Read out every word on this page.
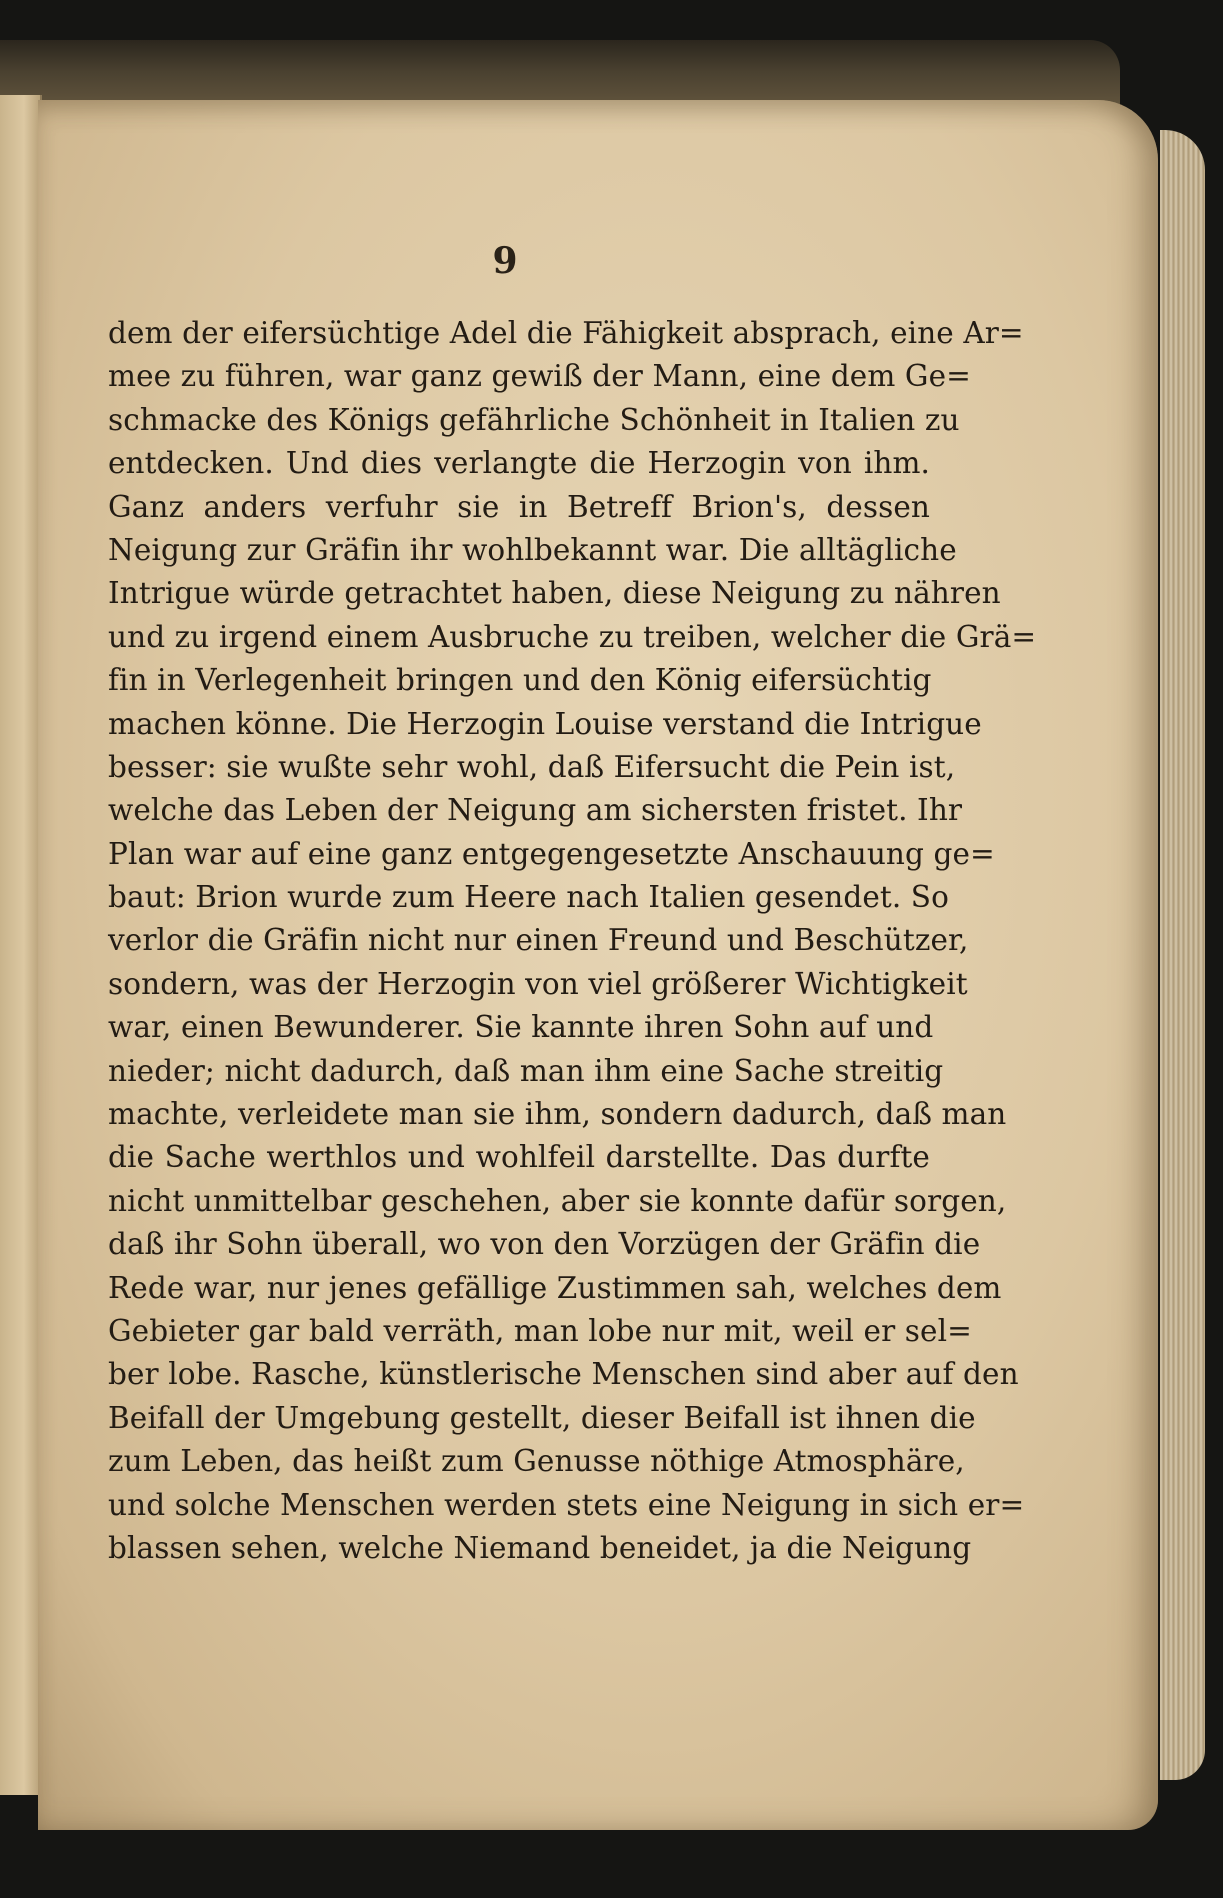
9
dem der eifersüchtige Adel die Fähigkeit absprach, eine Ar=
mee zu führen, war ganz gewiß der Mann, eine dem Ge=
schmacke des Königs gefährliche Schönheit in Italien zu
entdecken. Und dies verlangte die Herzogin von ihm.
Ganz anders verfuhr sie in Betreff Brion's, dessen
Neigung zur Gräfin ihr wohlbekannt war. Die alltägliche
Intrigue würde getrachtet haben, diese Neigung zu nähren
und zu irgend einem Ausbruche zu treiben, welcher die Grä=
fin in Verlegenheit bringen und den König eifersüchtig
machen könne. Die Herzogin Louise verstand die Intrigue
besser: sie wußte sehr wohl, daß Eifersucht die Pein ist,
welche das Leben der Neigung am sichersten fristet. Ihr
Plan war auf eine ganz entgegengesetzte Anschauung ge=
baut: Brion wurde zum Heere nach Italien gesendet. So
verlor die Gräfin nicht nur einen Freund und Beschützer,
sondern, was der Herzogin von viel größerer Wichtigkeit
war, einen Bewunderer. Sie kannte ihren Sohn auf und
nieder; nicht dadurch, daß man ihm eine Sache streitig
machte, verleidete man sie ihm, sondern dadurch, daß man
die Sache werthlos und wohlfeil darstellte. Das durfte
nicht unmittelbar geschehen, aber sie konnte dafür sorgen,
daß ihr Sohn überall, wo von den Vorzügen der Gräfin die
Rede war, nur jenes gefällige Zustimmen sah, welches dem
Gebieter gar bald verräth, man lobe nur mit, weil er sel=
ber lobe. Rasche, künstlerische Menschen sind aber auf den
Beifall der Umgebung gestellt, dieser Beifall ist ihnen die
zum Leben, das heißt zum Genusse nöthige Atmosphäre,
und solche Menschen werden stets eine Neigung in sich er=
blassen sehen, welche Niemand beneidet, ja die Neigung
